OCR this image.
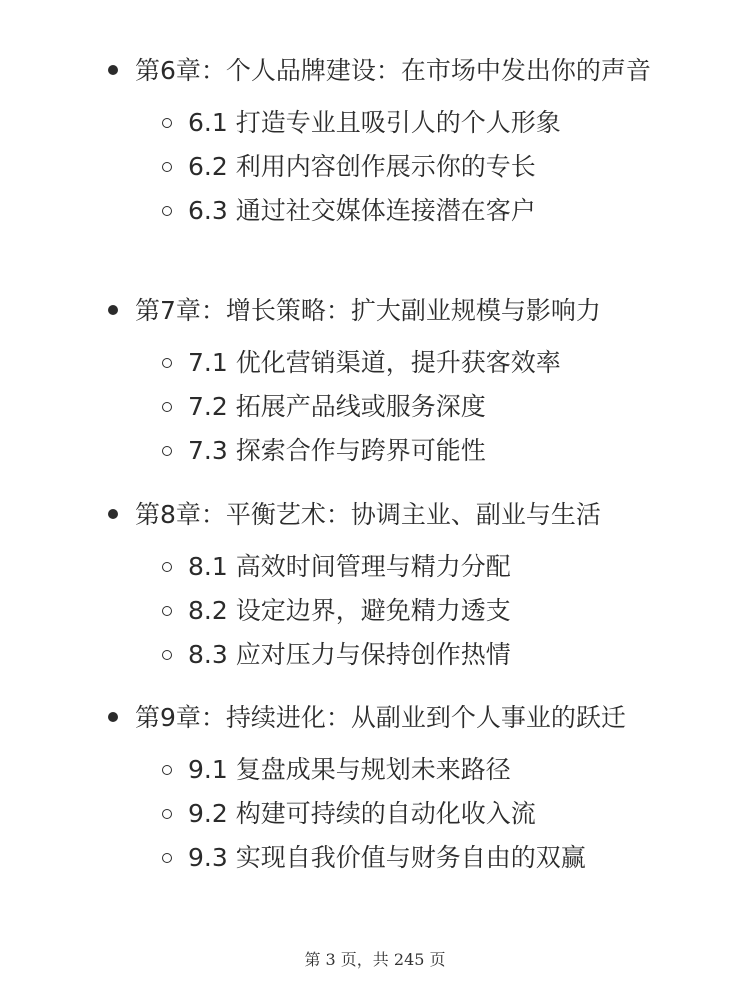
第6章：个人品牌建设：在市场中发出你的声音
6.1 打造专业且吸引人的个人形象
6.2 利用内容创作展示你的专长
6.3 通过社交媒体连接潜在客户
第7章：增长策略：扩大副业规模与影响力
7.1 优化营销渠道，提升获客效率
7.2 拓展产品线或服务深度
7.3 探索合作与跨界可能性
第8章：平衡艺术：协调主业、副业与生活
8.1 高效时间管理与精力分配
8.2 设定边界，避免精力透支
8.3 应对压力与保持创作热情
第9章：持续进化：从副业到个人事业的跃迁
9.1 复盘成果与规划未来路径
9.2 构建可持续的自动化收入流
9.3 实现自我价值与财务自由的双赢
第 3 页，共 245 页
